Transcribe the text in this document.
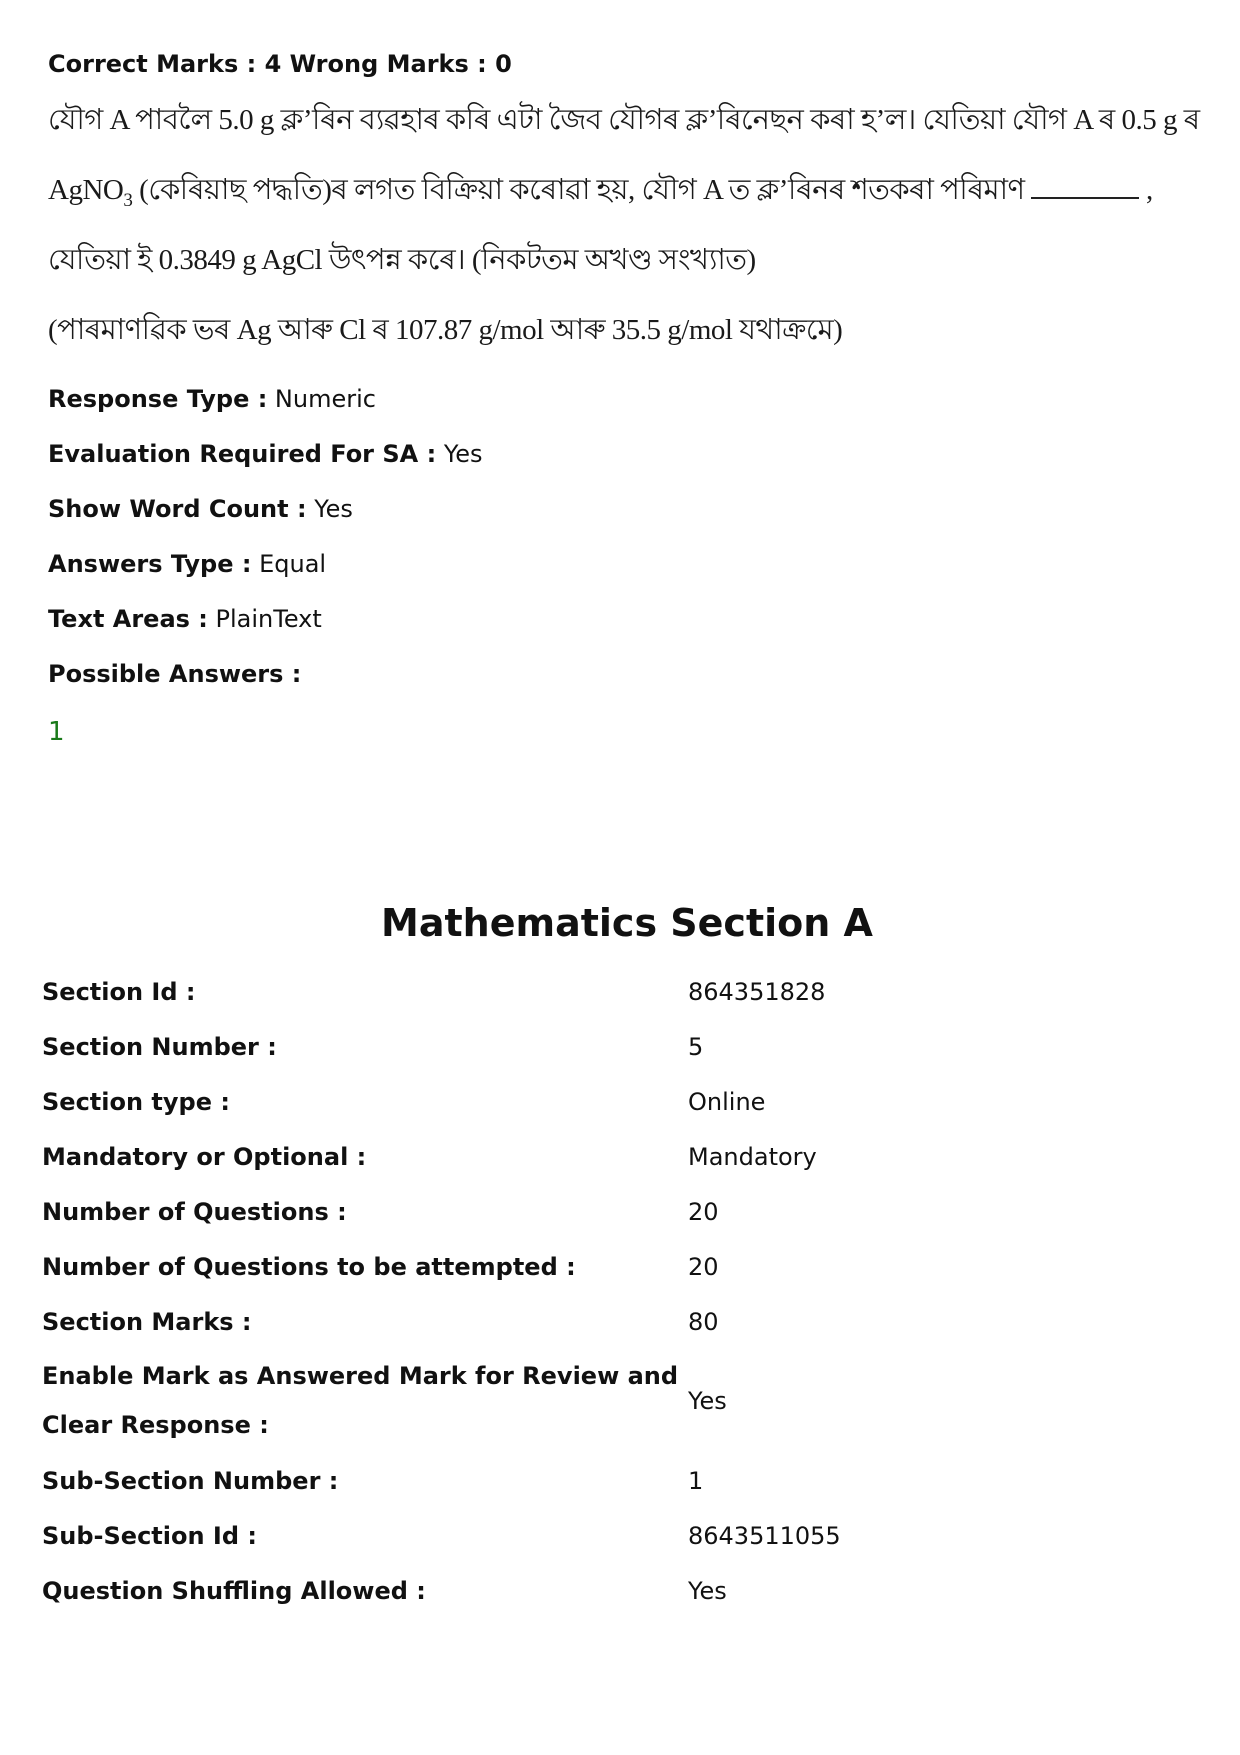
Correct Marks : 4 Wrong Marks : 0
যৌগ A পাবলৈ 5.0 g ক্ল’ৰিন ব্যৱহাৰ কৰি এটা জৈব যৌগৰ ক্ল’ৰিনেছন কৰা হ’ল। যেতিয়া যৌগ A ৰ 0.5 g ৰ
AgNO$_3$ (কেৰিয়াছ পদ্ধতি)ৰ লগত বিক্রিয়া কৰোৱা হয়, যৌগ A ত ক্ল’ৰিনৰ শতকৰা পৰিমাণ	,
যেতিয়া ই 0.3849 g AgCl উৎপন্ন কৰে। (নিকটতম অখণ্ড সংখ্যাত)
(পাৰমাণৱিক ভৰ Ag আৰু Cl ৰ 107.87 g/mol আৰু 35.5 g/mol যথাক্রমে)
Response Type : Numeric
Evaluation Required For SA : Yes
Show Word Count : Yes
Answers Type : Equal
Text Areas : PlainText
Possible Answers :
1
Mathematics Section A
Section Id :	864351828
Section Number :	5
Section type :	Online
Mandatory or Optional :	Mandatory
Number of Questions :	20
Number of Questions to be attempted :	20
Section Marks :	80
Enable Mark as Answered Mark for Review and Clear Response :	Yes
Sub-Section Number :	1
Sub-Section Id :	8643511055
Question Shuffling Allowed :	Yes
